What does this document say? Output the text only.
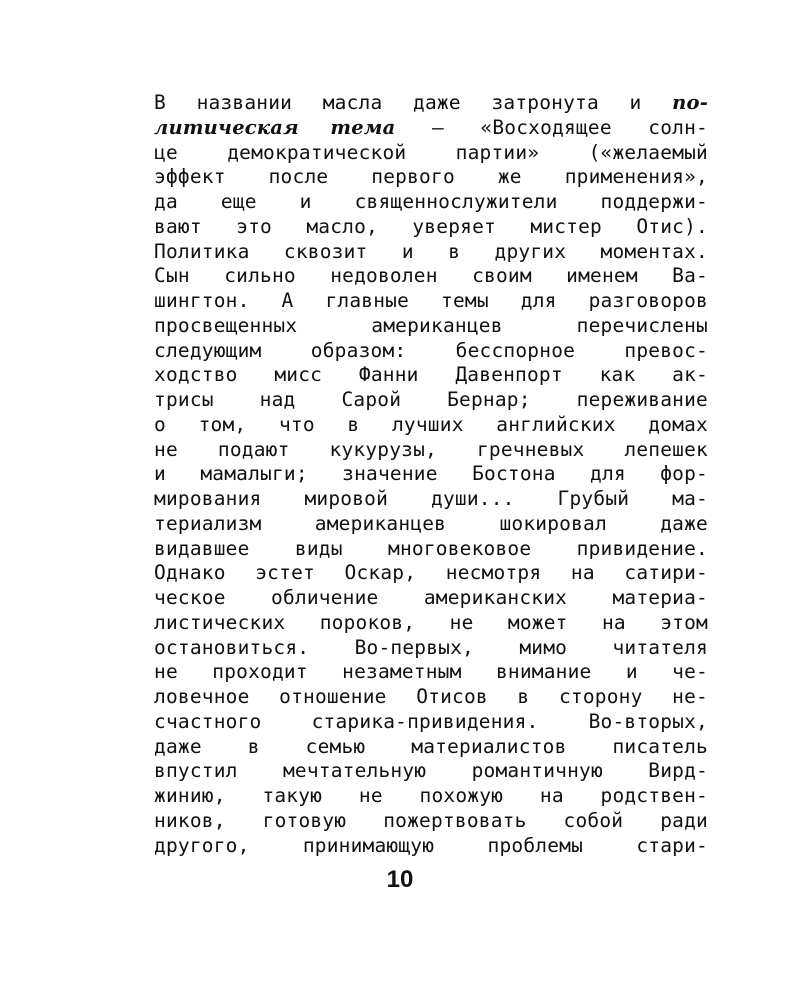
В названии масла даже затронута и по-
литическая тема — «Восходящее солн-
це демократической партии» («желаемый
эффект после первого же применения»,
да еще и священнослужители поддержи-
вают это масло, уверяет мистер Отис).
Политика сквозит и в других моментах.
Сын сильно недоволен своим именем Ва-
шингтон. А главные темы для разговоров
просвещенных американцев перечислены
следующим образом: бесспорное превос-
ходство мисс Фанни Давенпорт как ак-
трисы над Сарой Бернар; переживание
о том, что в лучших английских домах
не подают кукурузы, гречневых лепешек
и мамалыги; значение Бостона для фор-
мирования мировой души... Грубый ма-
териализм американцев шокировал даже
видавшее виды многовековое привидение.
Однако эстет Оскар, несмотря на сатири-
ческое обличение американских материа-
листических пороков, не может на этом
остановиться. Во-первых, мимо читателя
не проходит незаметным внимание и че-
ловечное отношение Отисов в сторону не-
счастного старика-привидения. Во-вторых,
даже в семью материалистов писатель
впустил мечтательную романтичную Вирд-
жинию, такую не похожую на родствен-
ников, готовую пожертвовать собой ради
другого, принимающую проблемы стари-
10
